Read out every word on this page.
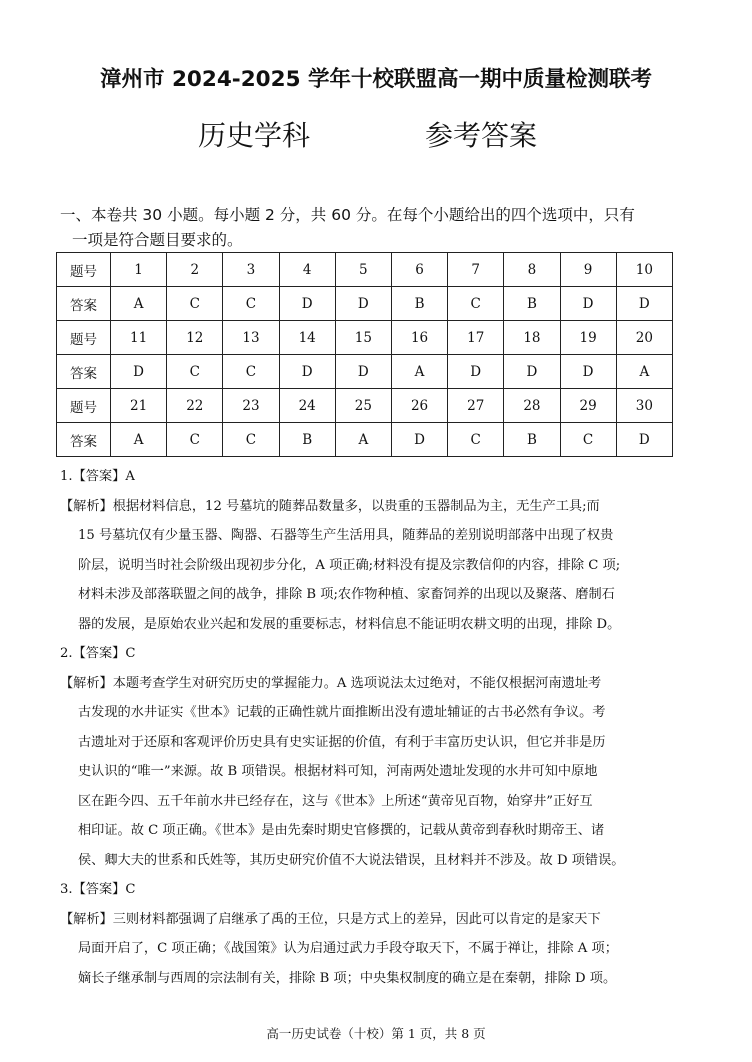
漳州市 2024-2025 学年十校联盟高一期中质量检测联考
历史学科	参考答案
一、本卷共 30 小题。每小题 2 分，共 60 分。在每个小题给出的四个选项中，只有
一项是符合题目要求的。
题号	1	2	3	4	5	6	7	8	9	10
答案	A	C	C	D	D	B	C	B	D	D
题号	11	12	13	14	15	16	17	18	19	20
答案	D	C	C	D	D	A	D	D	D	A
题号	21	22	23	24	25	26	27	28	29	30
答案	A	C	C	B	A	D	C	B	C	D

1.【答案】A

【解析】根据材料信息，12 号墓坑的随葬品数量多，以贵重的玉器制品为主，无生产工具;而

15 号墓坑仅有少量玉器、陶器、石器等生产生活用具，随葬品的差别说明部落中出现了权贵

阶层，说明当时社会阶级出现初步分化，A 项正确;材料没有提及宗教信仰的内容，排除 C 项;

材料未涉及部落联盟之间的战争，排除 B 项;农作物种植、家畜饲养的出现以及聚落、磨制石

器的发展，是原始农业兴起和发展的重要标志，材料信息不能证明农耕文明的出现，排除 D。

2.【答案】C

【解析】本题考查学生对研究历史的掌握能力。A 选项说法太过绝对，不能仅根据河南遗址考

古发现的水井证实《世本》记载的正确性就片面推断出没有遗址辅证的古书必然有争议。考

古遗址对于还原和客观评价历史具有史实证据的价值，有利于丰富历史认识，但它并非是历

史认识的“唯一”来源。故 B 项错误。根据材料可知，河南两处遗址发现的水井可知中原地

区在距今四、五千年前水井已经存在，这与《世本》上所述“黄帝见百物，始穿井”正好互

相印证。故 C 项正确。《世本》是由先秦时期史官修撰的，记载从黄帝到春秋时期帝王、诸

侯、卿大夫的世系和氏姓等，其历史研究价值不大说法错误，且材料并不涉及。故 D 项错误。

3.【答案】C

【解析】三则材料都强调了启继承了禹的王位，只是方式上的差异，因此可以肯定的是家天下

局面开启了，C 项正确；《战国策》认为启通过武力手段夺取天下，不属于禅让，排除 A 项；

嫡长子继承制与西周的宗法制有关，排除 B 项；中央集权制度的确立是在秦朝，排除 D 项。

高一历史试卷（十校）第 1 页，共 8 页
